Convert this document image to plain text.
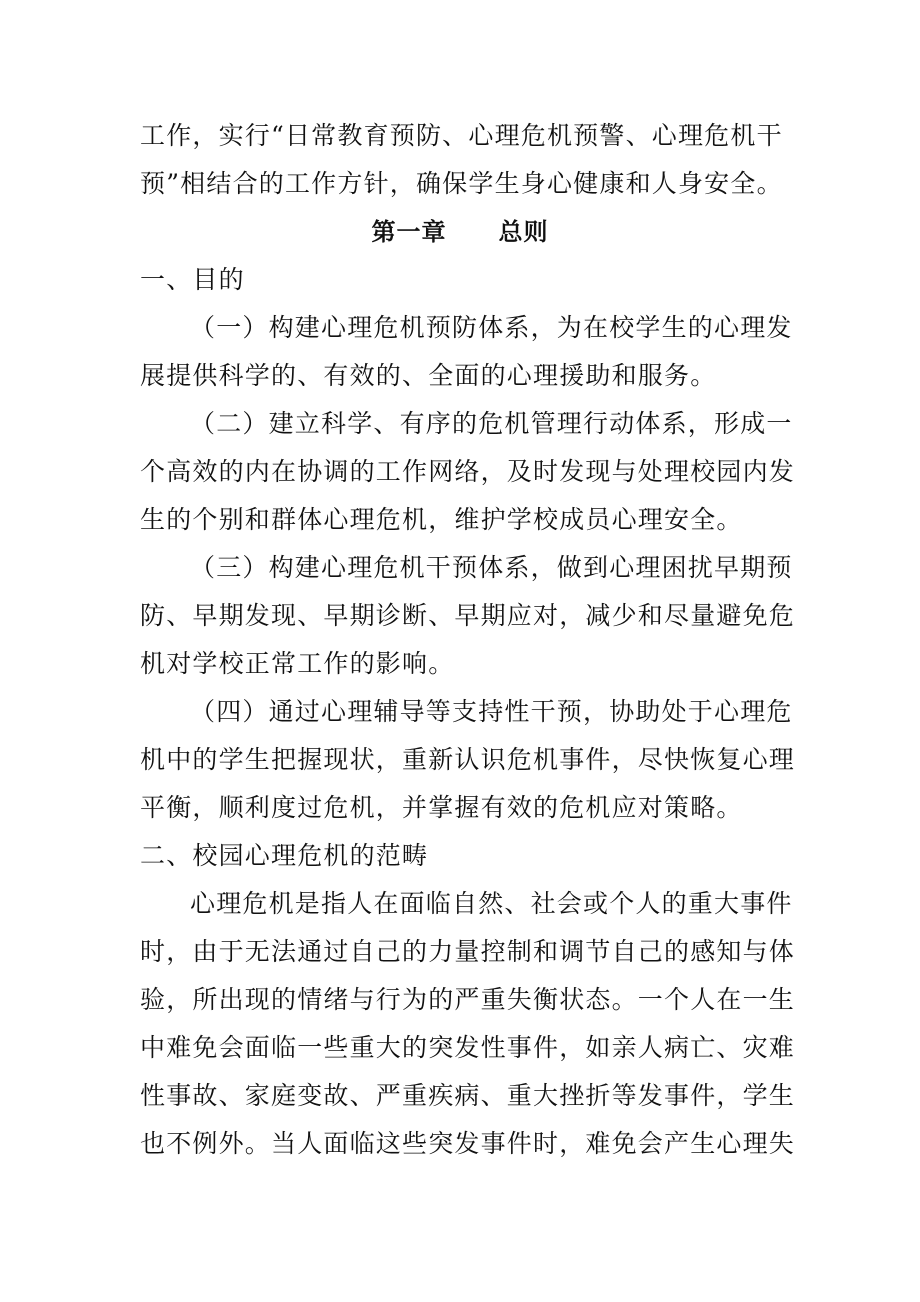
工作，实行“日常教育预防、心理危机预警、心理危机干
预”相结合的工作方针，确保学生身心健康和人身安全。
第一章 总则
一、目的
（一）构建心理危机预防体系，为在校学生的心理发
展提供科学的、有效的、全面的心理援助和服务。
（二）建立科学、有序的危机管理行动体系，形成一
个高效的内在协调的工作网络，及时发现与处理校园内发
生的个别和群体心理危机，维护学校成员心理安全。
（三）构建心理危机干预体系，做到心理困扰早期预
防、早期发现、早期诊断、早期应对，减少和尽量避免危
机对学校正常工作的影响。
（四）通过心理辅导等支持性干预，协助处于心理危
机中的学生把握现状，重新认识危机事件，尽快恢复心理
平衡，顺利度过危机，并掌握有效的危机应对策略。
二、校园心理危机的范畴
心理危机是指人在面临自然、社会或个人的重大事件
时，由于无法通过自己的力量控制和调节自己的感知与体
验，所出现的情绪与行为的严重失衡状态。一个人在一生
中难免会面临一些重大的突发性事件，如亲人病亡、灾难
性事故、家庭变故、严重疾病、重大挫折等发事件，学生
也不例外。当人面临这些突发事件时，难免会产生心理失
